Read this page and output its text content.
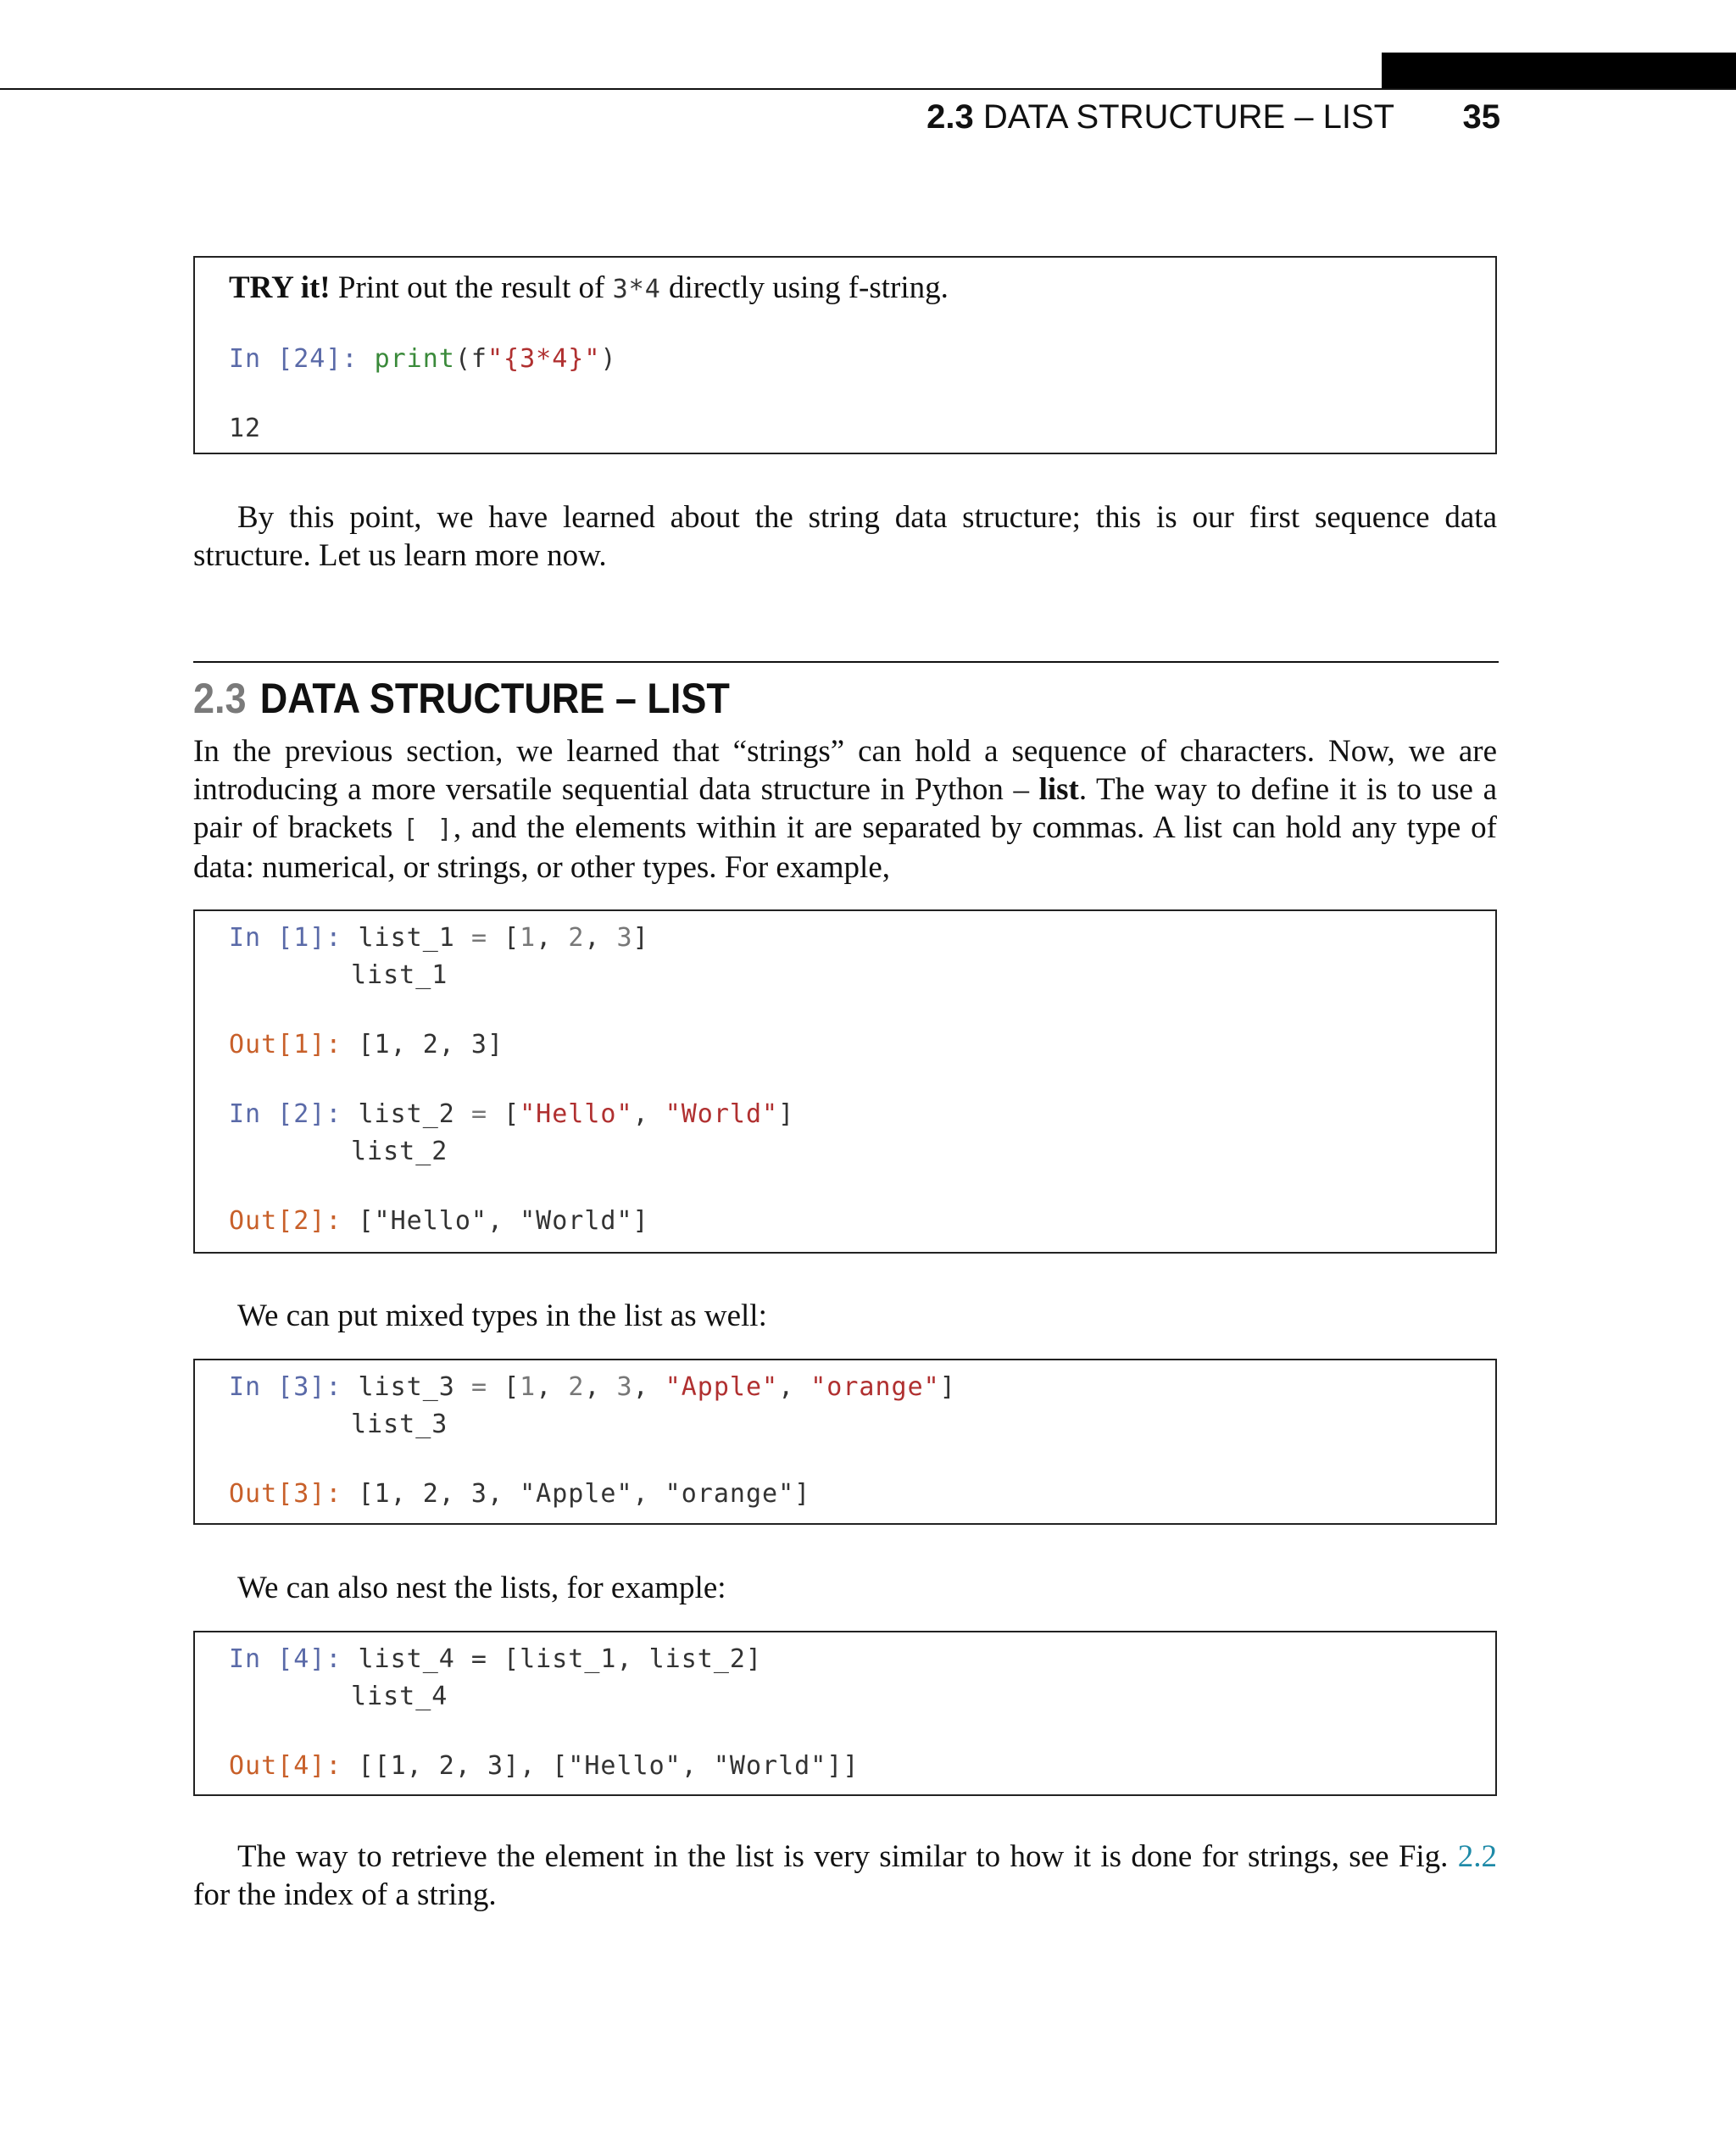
2.3 DATA STRUCTURE – LIST 35
TRY it! Print out the result of 3*4 directly using f-string.
In [24]: print(f"{3*4}")
12
By this point, we have learned about the string data structure; this is our first sequence data structure. Let us learn more now.
2.3 DATA STRUCTURE – LIST
In the previous section, we learned that “strings” can hold a sequence of characters. Now, we are introducing a more versatile sequential data structure in Python – list. The way to define it is to use a pair of brackets [ ], and the elements within it are separated by commas. A list can hold any type of data: numerical, or strings, or other types. For example,
In [1]: list_1 = [1, 2, 3]
list_1
Out[1]: [1, 2, 3]
In [2]: list_2 = ["Hello", "World"]
list_2
Out[2]: ["Hello", "World"]
We can put mixed types in the list as well:
In [3]: list_3 = [1, 2, 3, "Apple", "orange"]
list_3
Out[3]: [1, 2, 3, "Apple", "orange"]
We can also nest the lists, for example:
In [4]: list_4 = [list_1, list_2]
list_4
Out[4]: [[1, 2, 3], ["Hello", "World"]]
The way to retrieve the element in the list is very similar to how it is done for strings, see Fig. 2.2 for the index of a string.
